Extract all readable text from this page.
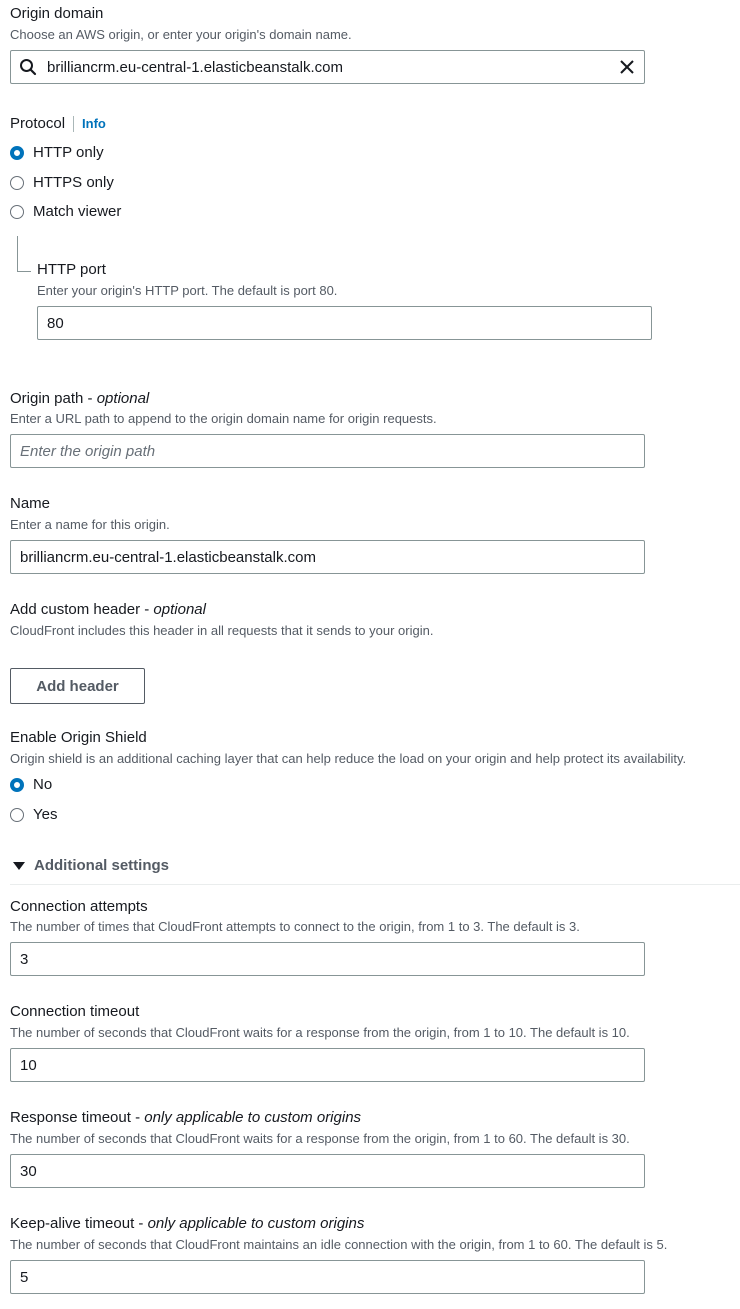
Origin domain
Choose an AWS origin, or enter your origin's domain name.
brilliancrm.eu-central-1.elasticbeanstalk.com
Protocol Info
HTTP only
HTTPS only
Match viewer
HTTP port
Enter your origin's HTTP port. The default is port 80.
80
Origin path - optional
Enter a URL path to append to the origin domain name for origin requests.
Enter the origin path
Name
Enter a name for this origin.
brilliancrm.eu-central-1.elasticbeanstalk.com
Add custom header - optional
CloudFront includes this header in all requests that it sends to your origin.
Add header
Enable Origin Shield
Origin shield is an additional caching layer that can help reduce the load on your origin and help protect its availability.
No
Yes
Additional settings
Connection attempts
The number of times that CloudFront attempts to connect to the origin, from 1 to 3. The default is 3.
3
Connection timeout
The number of seconds that CloudFront waits for a response from the origin, from 1 to 10. The default is 10.
10
Response timeout - only applicable to custom origins
The number of seconds that CloudFront waits for a response from the origin, from 1 to 60. The default is 30.
30
Keep-alive timeout - only applicable to custom origins
The number of seconds that CloudFront maintains an idle connection with the origin, from 1 to 60. The default is 5.
5
